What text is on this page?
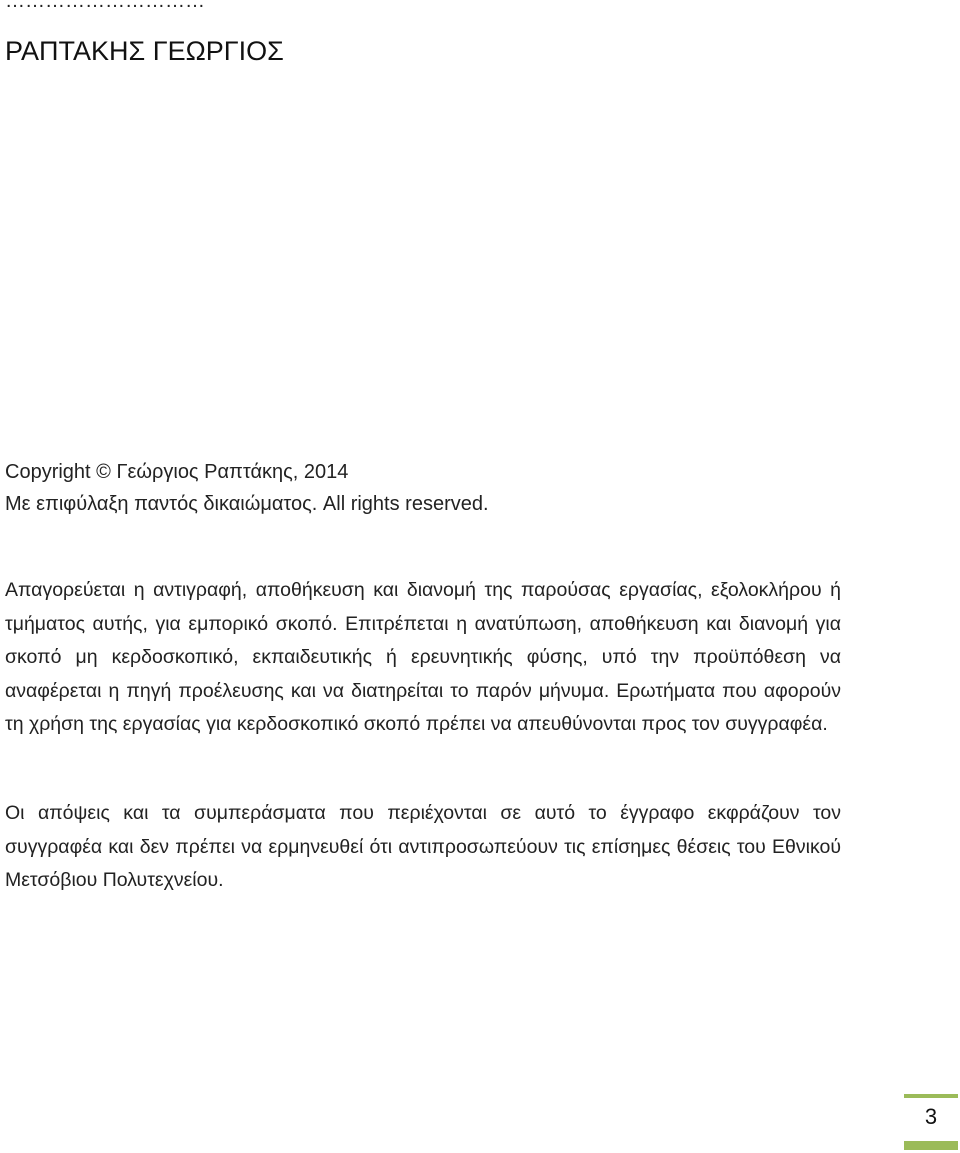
…………………………
ΡΑΠΤΑΚΗΣ ΓΕΩΡΓΙΟΣ
Copyright © Γεώργιος Ραπτάκης, 2014
Με επιφύλαξη παντός δικαιώματος. All rights reserved.

Απαγορεύεται η αντιγραφή, αποθήκευση και διανομή της παρούσας εργασίας, εξολοκλήρου ή τμήματος αυτής, για εμπορικό σκοπό. Επιτρέπεται η ανατύπωση, αποθήκευση και διανομή για σκοπό μη κερδοσκοπικό, εκπαιδευτικής ή ερευνητικής φύσης, υπό την προϋπόθεση να αναφέρεται η πηγή προέλευσης και να διατηρείται το παρόν μήνυμα. Ερωτήματα που αφορούν τη χρήση της εργασίας για κερδοσκοπικό σκοπό πρέπει να απευθύνονται προς τον συγγραφέα.

Οι απόψεις και τα συμπεράσματα που περιέχονται σε αυτό το έγγραφο εκφράζουν τον συγγραφέα και δεν πρέπει να ερμηνευθεί ότι αντιπροσωπεύουν τις επίσημες θέσεις του Εθνικού Μετσόβιου Πολυτεχνείου.

3
